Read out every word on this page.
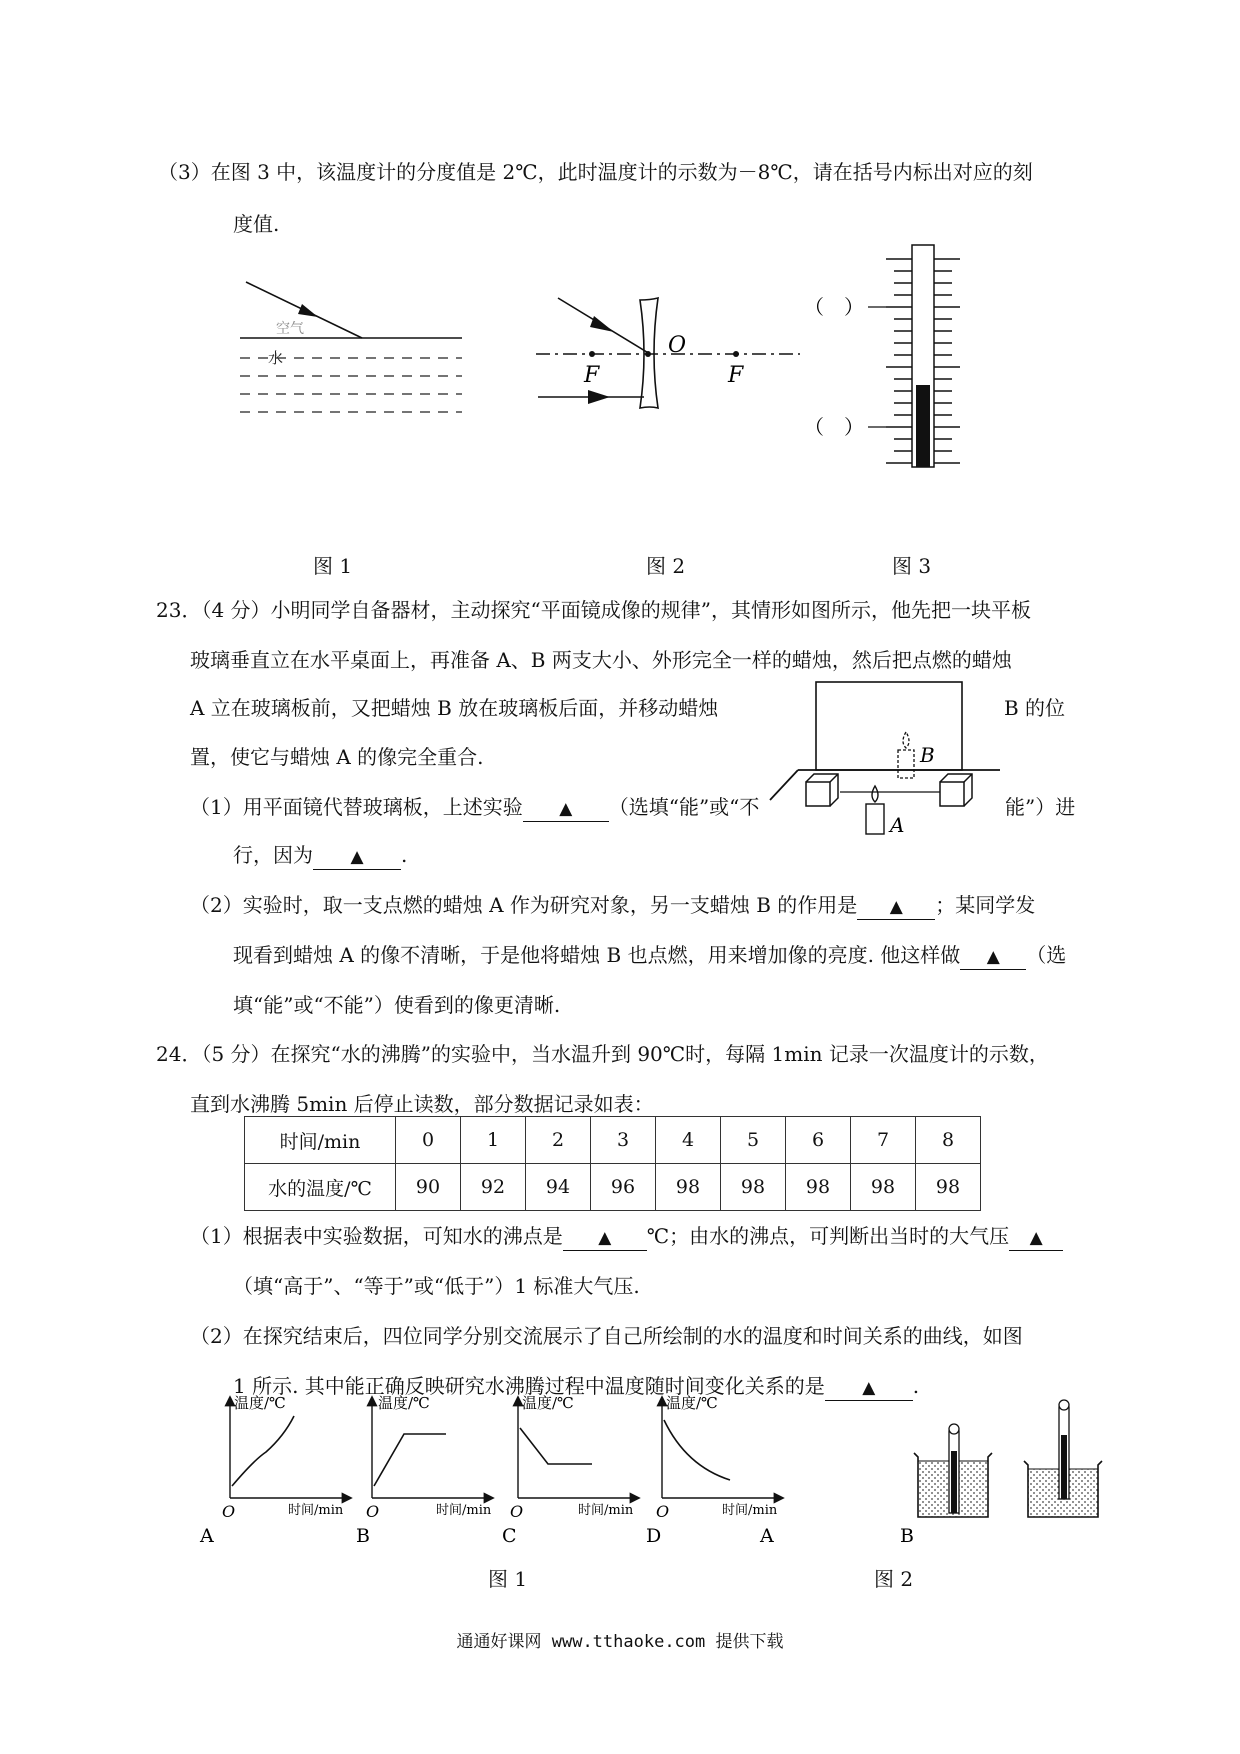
（3）在图 3 中，该温度计的分度值是 2℃，此时温度计的示数为－8℃，请在括号内标出对应的刻
度值.
空气
水
F	F
O
（　）
（　）
图 1	图 2	图 3
23．（4 分）小明同学自备器材，主动探究“平面镜成像的规律”，其情形如图所示，他先把一块平板
玻璃垂直立在水平桌面上，再准备 A、B 两支大小、外形完全一样的蜡烛，然后把点燃的蜡烛
A 立在玻璃板前，又把蜡烛 B 放在玻璃板后面，并移动蜡烛	B 的位
置，使它与蜡烛 A 的像完全重合.	B
A
（1）用平面镜代替玻璃板，上述实验 ▲ （选填“能”或“不	能”）进
行，因为 ▲ .
（2）实验时，取一支点燃的蜡烛 A 作为研究对象，另一支蜡烛 B 的作用是 ▲ ；某同学发
现看到蜡烛 A 的像不清晰，于是他将蜡烛 B 也点燃，用来增加像的亮度. 他这样做 ▲ （选
填“能”或“不能”）使看到的像更清晰.
24．（5 分）在探究“水的沸腾”的实验中，当水温升到 90℃时，每隔 1min 记录一次温度计的示数，
直到水沸腾 5min 后停止读数，部分数据记录如表：
时间/min	0	1	2	3	4	5	6	7	8
水的温度/℃	90	92	94	96	98	98	98	98	98
（1）根据表中实验数据，可知水的沸点是 ▲ ℃；由水的沸点，可判断出当时的大气压 ▲
（填“高于”、“等于”或“低于”）1 标准大气压.
（2）在探究结束后，四位同学分别交流展示了自己所绘制的水的温度和时间关系的曲线，如图
1 所示. 其中能正确反映研究水沸腾过程中温度随时间变化关系的是 ▲ .
温度/℃
时间/min
O
A
温度/℃
时间/min
O
B
温度/℃
时间/min
O
C
温度/℃
时间/min
O
D	A	B
图 1	图 2
通通好课网 www.tthaoke.com 提供下载
